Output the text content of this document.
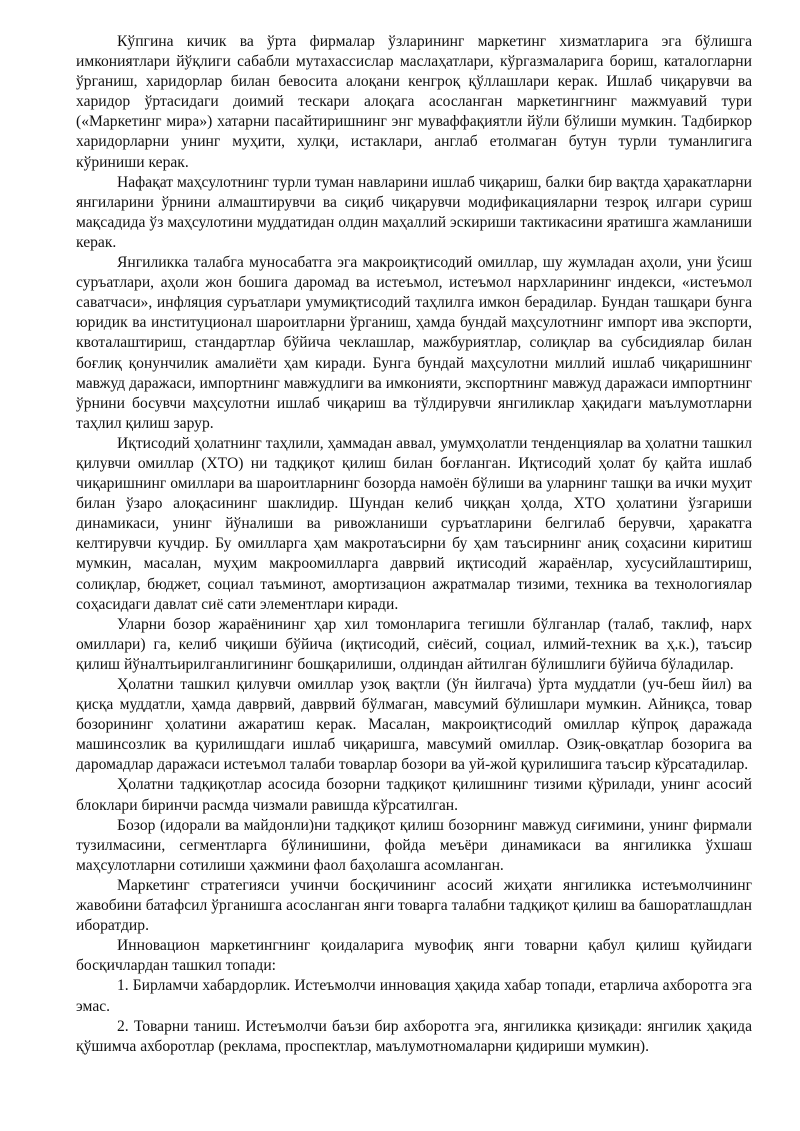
Кўпгина кичик ва ўрта фирмалар ўзларининг маркетинг хизматларига эга бўлишга имкониятлари йўқлиги сабабли мутахассислар маслаҳатлари, кўргазмаларига бориш, каталогларни ўрганиш, харидорлар билан бевосита алоқани кенгроқ қўллашлари керак. Ишлаб чиқарувчи ва харидор ўртасидаги доимий тескари алоқага асосланган маркетингнинг мажмуавий тури («Маркетинг мира») хатарни пасайтиришнинг энг муваффақиятли йўли бўлиши мумкин. Тадбиркор харидорларни унинг муҳити, хулқи, истаклари, англаб етолмаган бутун турли туманлигига кўриниши керак.

Нафақат маҳсулотнинг турли туман навларини ишлаб чиқариш, балки бир вақтда ҳаракатларни янгиларини ўрнини алмаштирувчи ва сиқиб чиқарувчи модификацияларни тезроқ илгари суриш мақсадида ўз маҳсулотини муддатидан олдин маҳаллий эскириши тактикасини яратишга жамланиши керак.

Янгиликка талабга муносабатга эга макроиқтисодий омиллар, шу жумладан аҳоли, уни ўсиш суръатлари, аҳоли жон бошига даромад ва истеъмол, истеъмол нархларининг индекси, «истеъмол саватчаси», инфляция суръатлари умумиқтисодий таҳлилга имкон берадилар. Бундан ташқари бунга юридик ва институционал шароитларни ўрганиш, ҳамда бундай маҳсулотнинг импорт ива экспорти, квоталаштириш, стандартлар бўйича чеклашлар, мажбуриятлар, солиқлар ва субсидиялар билан боғлиқ қонунчилик амалиёти ҳам киради. Бунга бундай маҳсулотни миллий ишлаб чиқаришнинг мавжуд даражаси, импортнинг мавжудлиги ва имконияти, экспортнинг мавжуд даражаси импортнинг ўрнини босувчи маҳсулотни ишлаб чиқариш ва тўлдирувчи янгиликлар ҳақидаги маълумотларни таҳлил қилиш зарур.

Иқтисодий ҳолатнинг таҳлили, ҳаммадан аввал, умумҳолатли тенденциялар ва ҳолатни ташкил қилувчи омиллар (ХТО) ни тадқиқот қилиш билан боғланган. Иқтисодий ҳолат бу қайта ишлаб чиқаришнинг омиллари ва шароитларнинг бозорда намоён бўлиши ва уларнинг ташқи ва ички муҳит билан ўзаро алоқасининг шаклидир. Шундан келиб чиққан ҳолда, ХТО ҳолатини ўзгариши динамикаси, унинг йўналиши ва ривожланиши суръатларини белгилаб берувчи, ҳаракатга келтирувчи кучдир. Бу омилларга ҳам макротаъсирни бу ҳам таъсирнинг аниқ соҳасини киритиш мумкин, масалан, муҳим макроомилларга даврвий иқтисодий жараёнлар, хусусийлаштириш, солиқлар, бюджет, социал таъминот, амортизацион ажратмалар тизими, техника ва технологиялар соҳасидаги давлат сиё сати элементлари киради.

Уларни бозор жараёнининг ҳар хил томонларига тегишли бўлганлар (талаб, таклиф, нарх омиллари) га, келиб чиқиши бўйича (иқтисодий, сиёсий, социал, илмий-техник ва ҳ.к.), таъсир қилиш йўналтьирилганлигининг бошқарилиши, олдиндан айтилган бўлишлиги бўйича бўладилар.

Ҳолатни ташкил қилувчи омиллар узоқ вақтли (ўн йилгача) ўрта муддатли (уч-беш йил) ва қисқа муддатли, ҳамда даврвий, даврвий бўлмаган, мавсумий бўлишлари мумкин. Айниқса, товар бозорининг ҳолатини ажаратиш керак. Масалан, макроиқтисодий омиллар кўпроқ даражада машинсозлик ва қурилишдаги ишлаб чиқаришга, мавсумий омиллар. Озиқ-овқатлар бозорига ва даромадлар даражаси истеъмол талаби товарлар бозори ва уй-жой қурилишига таъсир кўрсатадилар.

Ҳолатни тадқиқотлар асосида бозорни тадқиқот қилишнинг тизими қўрилади, унинг асосий блоклари биринчи расмда чизмали равишда кўрсатилган.

Бозор (идорали ва майдонли)ни тадқиқот қилиш бозорнинг мавжуд сиғимини, унинг фирмали тузилмасини, сегментларга бўлинишини, фойда меъёри динамикаси ва янгиликка ўхшаш маҳсулотларни сотилиши ҳажмини фаол баҳолашга асомланган.

Маркетинг стратегияси учинчи босқичининг асосий жиҳати янгиликка истеъмолчининг жавобини батафсил ўрганишга асосланган янги товарга талабни тадқиқот қилиш ва башоратлашдлан иборатдир.

Инновацион маркетингнинг қоидаларига мувофиқ янги товарни қабул қилиш қуйидаги босқичлардан ташкил топади:

1. Бирламчи хабардорлик. Истеъмолчи инновация ҳақида хабар топади, етарлича ахборотга эга эмас.

2. Товарни таниш. Истеъмолчи баъзи бир ахборотга эга, янгиликка қизиқади: янгилик ҳақида қўшимча ахборотлар (реклама, проспектлар, маълумотномаларни қидириши мумкин).
